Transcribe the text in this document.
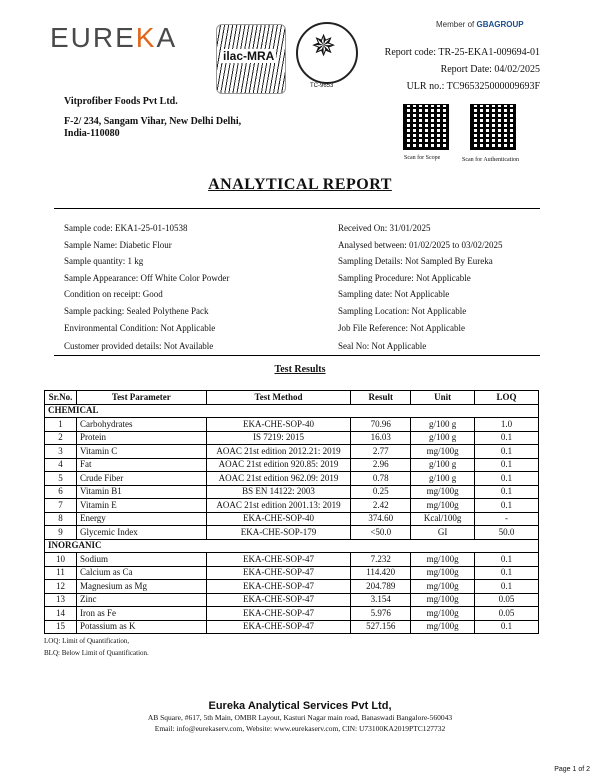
EUREKA
ilac-MRA ✵
TC-9653
Member of GBAGROUP
Report code: TR-25-EKA1-009694-01
Report Date: 04/02/2025
ULR no.: TC965325000009693F
Vitprofiber Foods Pvt Ltd.
F-2/ 234, Sangam Vihar, New Delhi Delhi,
India-110080
Scan for Scope	Scan for Authentication
ANALYTICAL REPORT
Sample code: EKA1-25-01-10538
Sample Name: Diabetic Flour
Sample quantity: 1 kg
Sample Appearance: Off White Color Powder
Condition on receipt: Good
Sample packing: Sealed Polythene Pack
Environmental Condition: Not Applicable
Customer provided details: Not Available
Received On: 31/01/2025
Analysed between: 01/02/2025 to 03/02/2025
Sampling Details: Not Sampled By Eureka
Sampling Procedure: Not Applicable
Sampling date: Not Applicable
Sampling Location: Not Applicable
Job File Reference: Not Applicable
Seal No: Not Applicable
Test Results
Sr.No.	Test Parameter	Test Method	Result	Unit	LOQ
CHEMICAL					
1	Carbohydrates	EKA-CHE-SOP-40	70.96	g/100 g	1.0
2	Protein	IS 7219: 2015	16.03	g/100 g	0.1
3	Vitamin C	AOAC 21st edition 2012.21: 2019	2.77	mg/100g	0.1
4	Fat	AOAC 21st edition 920.85: 2019	2.96	g/100 g	0.1
5	Crude Fiber	AOAC 21st edition 962.09: 2019	0.78	g/100 g	0.1
6	Vitamin B1	BS EN 14122: 2003	0.25	mg/100g	0.1
7	Vitamin E	AOAC 21st edition 2001.13: 2019	2.42	mg/100g	0.1
8	Energy	EKA-CHE-SOP-40	374.60	Kcal/100g	-
9	Glycemic Index	EKA-CHE-SOP-179	<50.0	GI	50.0
INORGANIC					
10	Sodium	EKA-CHE-SOP-47	7.232	mg/100g	0.1
11	Calcium as Ca	EKA-CHE-SOP-47	114.420	mg/100g	0.1
12	Magnesium as Mg	EKA-CHE-SOP-47	204.789	mg/100g	0.1
13	Zinc	EKA-CHE-SOP-47	3.154	mg/100g	0.05
14	Iron as Fe	EKA-CHE-SOP-47	5.976	mg/100g	0.05
15	Potassium as K	EKA-CHE-SOP-47	527.156	mg/100g	0.1
LOQ: Limit of Quantification,
BLQ: Below Limit of Quantification.
Eureka Analytical Services Pvt Ltd,
AB Square, #617, 5th Main, OMBR Layout, Kasturi Nagar main road, Banaswadi Bangalore-560043
Email: info@eurekaserv.com, Website: www.eurekaserv.com, CIN: U73100KA2019PTC127732
Page 1 of 2
